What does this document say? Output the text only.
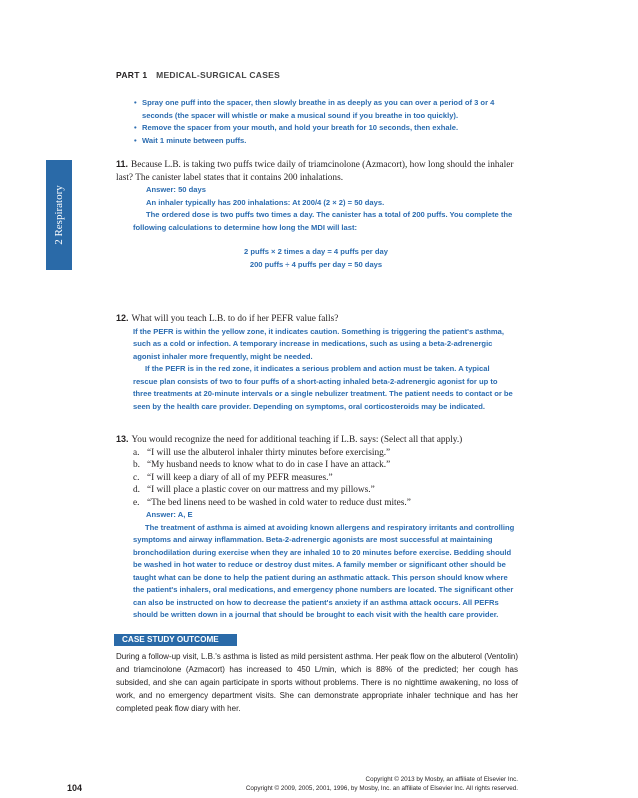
PART 1 MEDICAL-SURGICAL CASES
2 Respiratory
• Spray one puff into the spacer, then slowly breathe in as deeply as you can over a period of 3 or 4 seconds (the spacer will whistle or make a musical sound if you breathe in too quickly).
• Remove the spacer from your mouth, and hold your breath for 10 seconds, then exhale.
• Wait 1 minute between puffs.
11. Because L.B. is taking two puffs twice daily of triamcinolone (Azmacort), how long should the inhaler last? The canister label states that it contains 200 inhalations.
Answer: 50 days
An inhaler typically has 200 inhalations: At 200/4 (2 × 2) = 50 days.
The ordered dose is two puffs two times a day. The canister has a total of 200 puffs. You complete the following calculations to determine how long the MDI will last:
2 puffs × 2 times a day = 4 puffs per day
200 puffs ÷ 4 puffs per day = 50 days
12. What will you teach L.B. to do if her PEFR value falls?
If the PEFR is within the yellow zone, it indicates caution. Something is triggering the patient's asthma, such as a cold or infection. A temporary increase in medications, such as using a beta-2-adrenergic agonist inhaler more frequently, might be needed.
If the PEFR is in the red zone, it indicates a serious problem and action must be taken. A typical rescue plan consists of two to four puffs of a short-acting inhaled beta-2-adrenergic agonist for up to three treatments at 20-minute intervals or a single nebulizer treatment. The patient needs to contact or be seen by the health care provider. Depending on symptoms, oral corticosteroids may be indicated.
13. You would recognize the need for additional teaching if L.B. says: (Select all that apply.)
a. “I will use the albuterol inhaler thirty minutes before exercising.”
b. “My husband needs to know what to do in case I have an attack.”
c. “I will keep a diary of all of my PEFR measures.”
d. “I will place a plastic cover on our mattress and my pillows.”
e. “The bed linens need to be washed in cold water to reduce dust mites.”
Answer: A, E
The treatment of asthma is aimed at avoiding known allergens and respiratory irritants and controlling symptoms and airway inflammation. Beta-2-adrenergic agonists are most successful at maintaining bronchodilation during exercise when they are inhaled 10 to 20 minutes before exercise. Bedding should be washed in hot water to reduce or destroy dust mites. A family member or significant other should be taught what can be done to help the patient during an asthmatic attack. This person should know where the patient's inhalers, oral medications, and emergency phone numbers are located. The significant other can also be instructed on how to decrease the patient's anxiety if an asthma attack occurs. All PEFRs should be written down in a journal that should be brought to each visit with the health care provider.
CASE STUDY OUTCOME
During a follow-up visit, L.B.'s asthma is listed as mild persistent asthma. Her peak flow on the albuterol (Ventolin) and triamcinolone (Azmacort) has increased to 450 L/min, which is 88% of the predicted; her cough has subsided, and she can again participate in sports without problems. There is no nighttime awakening, no loss of work, and no emergency department visits. She can demonstrate appropriate inhaler technique and has her completed peak flow diary with her.
104
Copyright © 2013 by Mosby, an affiliate of Elsevier Inc.
Copyright © 2009, 2005, 2001, 1996, by Mosby, Inc. an affiliate of Elsevier Inc. All rights reserved.
